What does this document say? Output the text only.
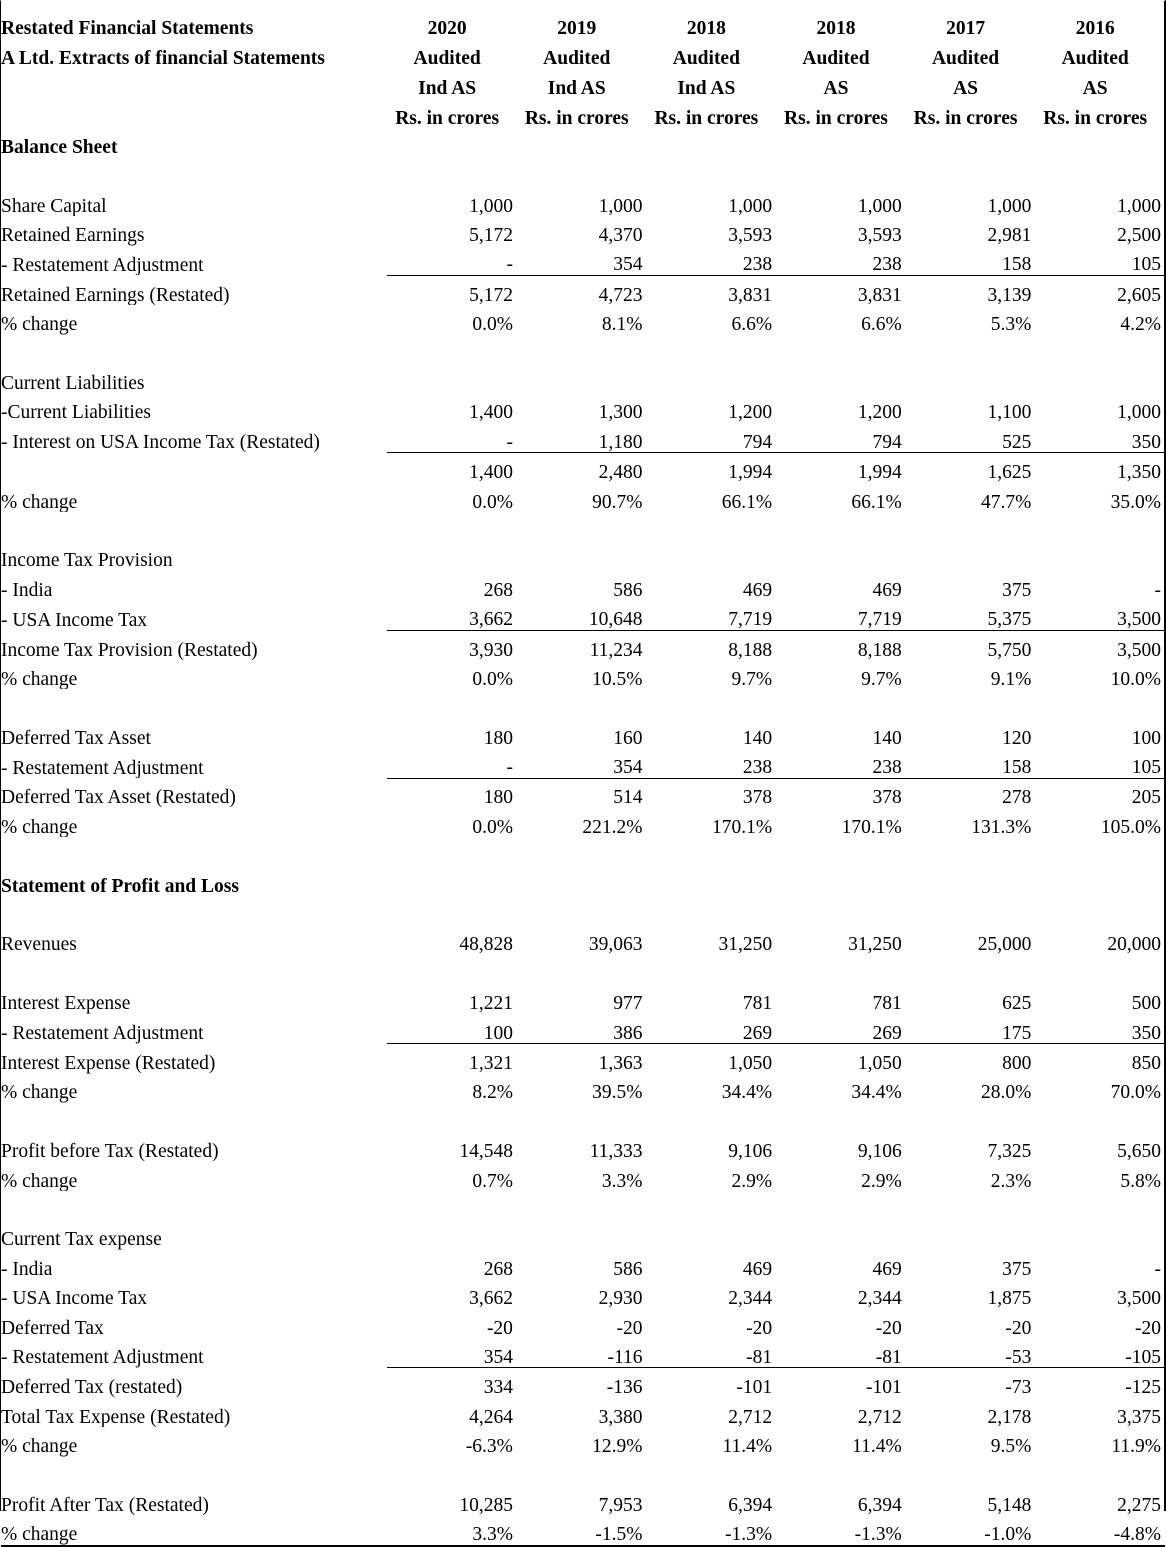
Restated Financial Statements	2020	2019	2018	2018	2017	2016
A Ltd. Extracts of financial Statements	Audited	Audited	Audited	Audited	Audited	Audited
	Ind AS	Ind AS	Ind AS	AS	AS	AS
	Rs. in crores	Rs. in crores	Rs. in crores	Rs. in crores	Rs. in crores	Rs. in crores
Balance Sheet						

Share Capital	1,000	1,000	1,000	1,000	1,000	1,000
Retained Earnings	5,172	4,370	3,593	3,593	2,981	2,500
- Restatement Adjustment	-	354	238	238	158	105
Retained Earnings (Restated)	5,172	4,723	3,831	3,831	3,139	2,605
% change	0.0%	8.1%	6.6%	6.6%	5.3%	4.2%

Current Liabilities						
-Current Liabilities	1,400	1,300	1,200	1,200	1,100	1,000
- Interest on USA Income Tax (Restated)	-	1,180	794	794	525	350
	1,400	2,480	1,994	1,994	1,625	1,350
% change	0.0%	90.7%	66.1%	66.1%	47.7%	35.0%

Income Tax Provision						
- India	268	586	469	469	375	-
- USA Income Tax	3,662	10,648	7,719	7,719	5,375	3,500
Income Tax Provision (Restated)	3,930	11,234	8,188	8,188	5,750	3,500
% change	0.0%	10.5%	9.7%	9.7%	9.1%	10.0%

Deferred Tax Asset	180	160	140	140	120	100
- Restatement Adjustment	-	354	238	238	158	105
Deferred Tax Asset (Restated)	180	514	378	378	278	205
% change	0.0%	221.2%	170.1%	170.1%	131.3%	105.0%

Statement of Profit and Loss						

Revenues	48,828	39,063	31,250	31,250	25,000	20,000

Interest Expense	1,221	977	781	781	625	500
- Restatement Adjustment	100	386	269	269	175	350
Interest Expense (Restated)	1,321	1,363	1,050	1,050	800	850
% change	8.2%	39.5%	34.4%	34.4%	28.0%	70.0%

Profit before Tax (Restated)	14,548	11,333	9,106	9,106	7,325	5,650
% change	0.7%	3.3%	2.9%	2.9%	2.3%	5.8%

Current Tax expense						
- India	268	586	469	469	375	-
- USA Income Tax	3,662	2,930	2,344	2,344	1,875	3,500
Deferred Tax	-20	-20	-20	-20	-20	-20
- Restatement Adjustment	354	-116	-81	-81	-53	-105
Deferred Tax (restated)	334	-136	-101	-101	-73	-125
Total Tax Expense (Restated)	4,264	3,380	2,712	2,712	2,178	3,375
% change	-6.3%	12.9%	11.4%	11.4%	9.5%	11.9%

Profit After Tax (Restated)	10,285	7,953	6,394	6,394	5,148	2,275
% change	3.3%	-1.5%	-1.3%	-1.3%	-1.0%	-4.8%
